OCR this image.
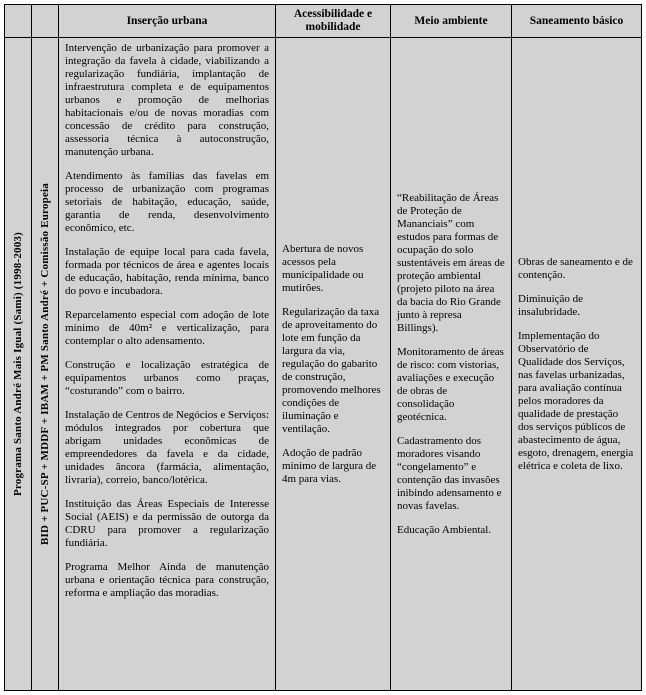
Inserção urbana
Acessibilidade e mobilidade
Meio ambiente	Saneamento básico
Programa Santo André Mais Igual (Sami) (1998-2003) BID + PUC-SP + MDDF + IBAM + PM Santo André + Comissão Europeia

Intervenção de urbanização para promover a integração da favela à cidade, viabilizando a regularização fundiária, implantação de infraestrutura completa e de equipamentos urbanos e promoção de melhorias habitacionais e/ou de novas moradias com concessão de crédito para construção, assessoria técnica à autoconstrução, manutenção urbana.

Atendimento às famílias das favelas em processo de urbanização com programas setoriais de habitação, educação, saúde, garantia de renda, desenvolvimento econômico, etc.

Instalação de equipe local para cada favela, formada por técnicos de área e agentes locais de educação, habitação, renda mínima, banco do povo e incubadora.

Reparcelamento especial com adoção de lote mínimo de 40m² e verticalização, para contemplar o alto adensamento.

Construção e localização estratégica de equipamentos urbanos como praças, “costurando” com o bairro.

Instalação de Centros de Negócios e Serviços: módulos integrados por cobertura que abrigam unidades econômicas de empreendedores da favela e da cidade, unidades âncora (farmácia, alimentação, livraria), correio, banco/lotérica.

Instituição das Áreas Especiais de Interesse Social (AEIS) e da permissão de outorga da CDRU para promover a regularização fundiária.

Programa Melhor Ainda de manutenção urbana e orientação técnica para construção, reforma e ampliação das moradias.

Abertura de novos acessos pela municipalidade ou mutirões.

Regularização da taxa de aproveitamento do lote em função da largura da via, regulação do gabarito de construção, promovendo melhores condições de iluminação e ventilação.

Adoção de padrão mínimo de largura de 4m para vias.

“Reabilitação de Áreas de Proteção de Mananciais” com estudos para formas de ocupação do solo sustentáveis em áreas de proteção ambiental (projeto piloto na área da bacia do Rio Grande junto à represa Billings).

Monitoramento de áreas de risco: com vistorias, avaliações e execução de obras de consolidação geotécnica.

Cadastramento dos moradores visando “congelamento” e contenção das invasões inibindo adensamento e novas favelas.

Educação Ambiental.

Obras de saneamento e de contenção.

Diminuição de insalubridade.

Implementação do Observatório de Qualidade dos Serviços, nas favelas urbanizadas, para avaliação contínua pelos moradores da qualidade de prestação dos serviços públicos de abastecimento de água, esgoto, drenagem, energia elétrica e coleta de lixo.
